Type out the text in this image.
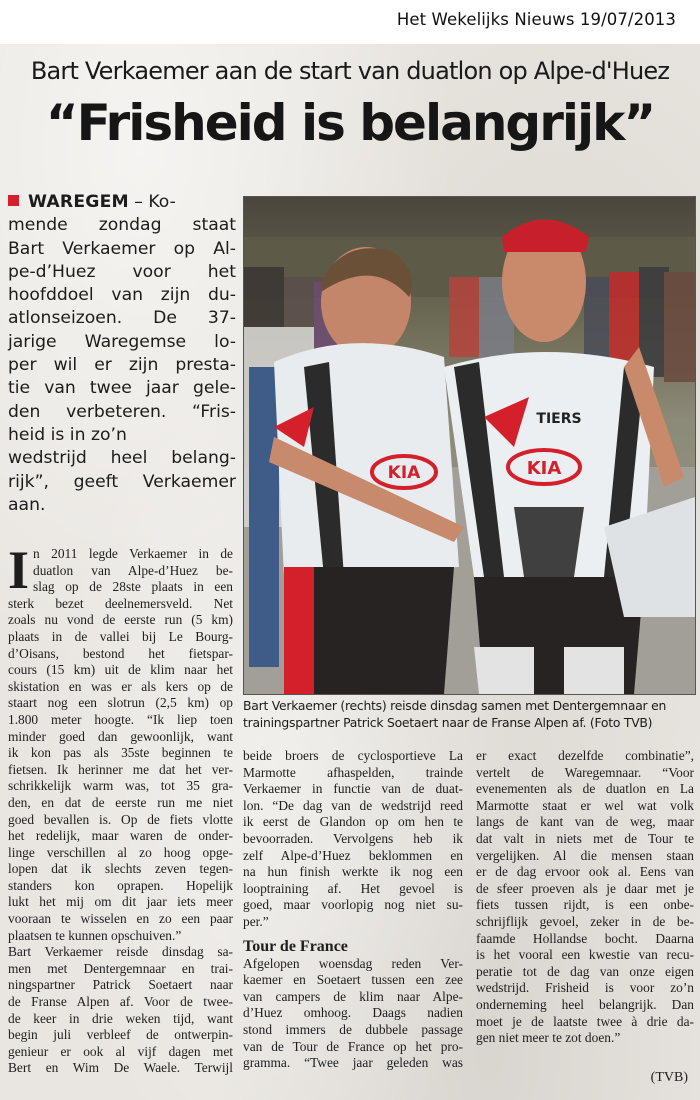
Het Wekelijks Nieuws 19/07/2013
Bart Verkaemer aan de start van duatlon op Alpe-d'Huez
“Frisheid is belangrijk”
WAREGEM – Ko-
mende zondag staat
Bart Verkaemer op Al-
pe-d’Huez voor het
hoofddoel van zijn du-
atlonseizoen. De 37-
jarige Waregemse lo-
per wil er zijn presta-
tie van twee jaar gele-
den verbeteren. “Fris-
heid is in zo’n
wedstrijd heel belang-
rijk”, geeft Verkaemer
aan.
KIA	KIA
TIERS
Bart Verkaemer (rechts) reisde dinsdag samen met Dentergemnaar en
trainingspartner Patrick Soetaert naar de Franse Alpen af. (Foto TVB)
I n 2011 legde Verkaemer in de
duatlon van Alpe-d’Huez be-
slag op de 28ste plaats in een
sterk bezet deelnemersveld. Net
zoals nu vond de eerste run (5 km)
plaats in de vallei bij Le Bourg-
d’Oisans, bestond het fietspar-
cours (15 km) uit de klim naar het
skistation en was er als kers op de
staart nog een slotrun (2,5 km) op
1.800 meter hoogte. “Ik liep toen
minder goed dan gewoonlijk, want
ik kon pas als 35ste beginnen te
fietsen. Ik herinner me dat het ver-
schrikkelijk warm was, tot 35 gra-
den, en dat de eerste run me niet
goed bevallen is. Op de fiets vlotte
het redelijk, maar waren de onder-
linge verschillen al zo hoog opge-
lopen dat ik slechts zeven tegen-
standers kon oprapen. Hopelijk
lukt het mij om dit jaar iets meer
vooraan te wisselen en zo een paar
plaatsen te kunnen opschuiven.”
Bart Verkaemer reisde dinsdag sa-
men met Dentergemnaar en trai-
ningspartner Patrick Soetaert naar
de Franse Alpen af. Voor de twee-
de keer in drie weken tijd, want
begin juli verbleef de ontwerpin-
genieur er ook al vijf dagen met
Bert en Wim De Waele. Terwijl
beide broers de cyclosportieve La
Marmotte afhaspelden, trainde
Verkaemer in functie van de duat-
lon. “De dag van de wedstrijd reed
ik eerst de Glandon op om hen te
bevoorraden. Vervolgens heb ik
zelf Alpe-d’Huez beklommen en
na hun finish werkte ik nog een
looptraining af. Het gevoel is
goed, maar voorlopig nog niet su-
per.”
Tour de France
Afgelopen woensdag reden Ver-
kaemer en Soetaert tussen een zee
van campers de klim naar Alpe-
d’Huez omhoog. Daags nadien
stond immers de dubbele passage
van de Tour de France op het pro-
gramma. “Twee jaar geleden was
er exact dezelfde combinatie”,
vertelt de Waregemnaar. “Voor
evenementen als de duatlon en La
Marmotte staat er wel wat volk
langs de kant van de weg, maar
dat valt in niets met de Tour te
vergelijken. Al die mensen staan
er de dag ervoor ook al. Eens van
de sfeer proeven als je daar met je
fiets tussen rijdt, is een onbe-
schrijflijk gevoel, zeker in de be-
faamde Hollandse bocht. Daarna
is het vooral een kwestie van recu-
peratie tot de dag van onze eigen
wedstrijd. Frisheid is voor zo’n
onderneming heel belangrijk. Dan
moet je de laatste twee à drie da-
gen niet meer te zot doen.”
(TVB)
